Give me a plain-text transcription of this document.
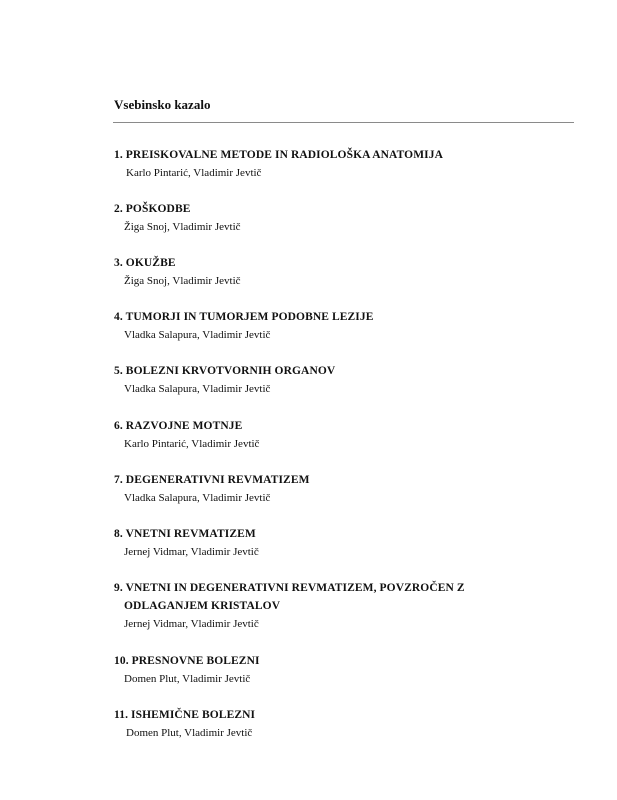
Vsebinsko kazalo
1. PREISKOVALNE METODE IN RADIOLOŠKA ANATOMIJA
Karlo Pintarić, Vladimir Jevtič
2. POŠKODBE
Žiga Snoj, Vladimir Jevtič
3. OKUŽBE
Žiga Snoj, Vladimir Jevtič
4. TUMORJI IN TUMORJEM PODOBNE LEZIJE
Vladka Salapura, Vladimir Jevtič
5. BOLEZNI KRVOTVORNIH ORGANOV
Vladka Salapura, Vladimir Jevtič
6. RAZVOJNE MOTNJE
Karlo Pintarić, Vladimir Jevtič
7. DEGENERATIVNI REVMATIZEM
Vladka Salapura, Vladimir Jevtič
8. VNETNI REVMATIZEM
Jernej Vidmar, Vladimir Jevtič
9. VNETNI IN DEGENERATIVNI REVMATIZEM, POVZROČEN Z
ODLAGANJEM KRISTALOV
Jernej Vidmar, Vladimir Jevtič
10. PRESNOVNE BOLEZNI
Domen Plut, Vladimir Jevtič
11. ISHEMIČNE BOLEZNI
Domen Plut, Vladimir Jevtič
